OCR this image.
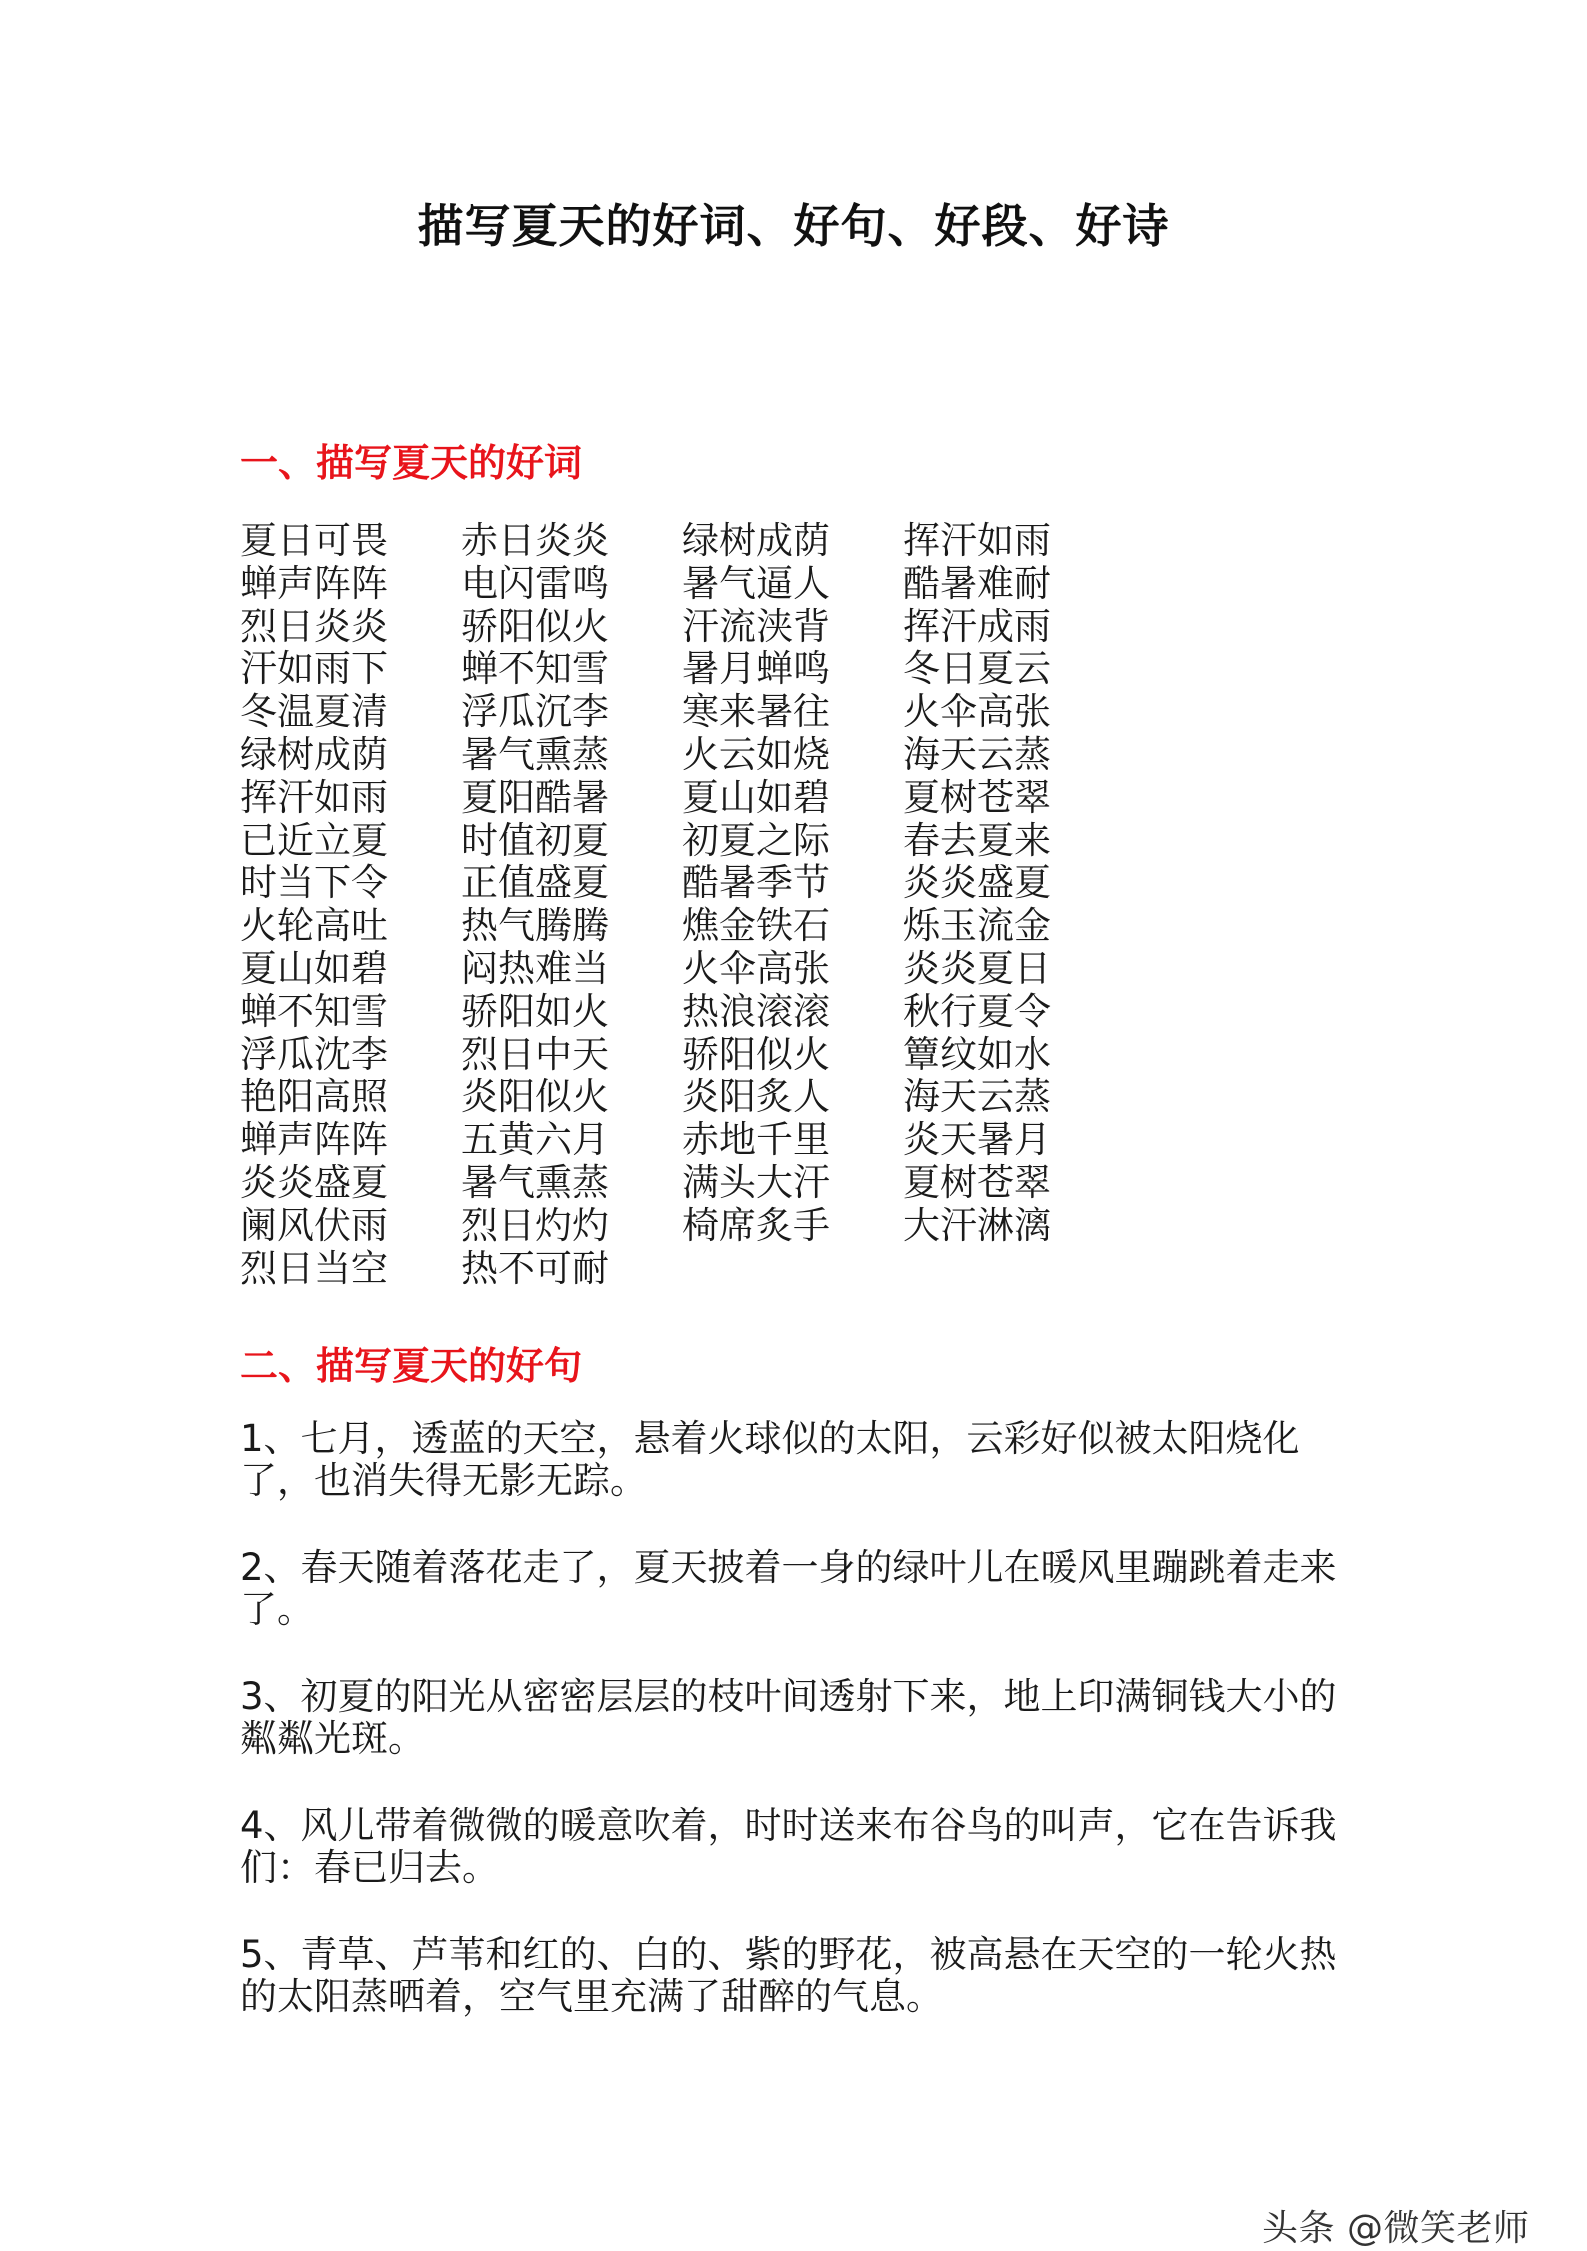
描写夏天的好词、好句、好段、好诗
一、描写夏天的好词
夏日可畏	赤日炎炎	绿树成荫	挥汗如雨
蝉声阵阵	电闪雷鸣	暑气逼人	酷暑难耐
烈日炎炎	骄阳似火	汗流浃背	挥汗成雨
汗如雨下	蝉不知雪	暑月蝉鸣	冬日夏云
冬温夏清	浮瓜沉李	寒来暑往	火伞高张
绿树成荫	暑气熏蒸	火云如烧	海天云蒸
挥汗如雨	夏阳酷暑	夏山如碧	夏树苍翠
已近立夏	时值初夏	初夏之际	春去夏来
时当下令	正值盛夏	酷暑季节	炎炎盛夏
火轮高吐	热气腾腾	燋金铁石	烁玉流金
夏山如碧	闷热难当	火伞高张	炎炎夏日
蝉不知雪	骄阳如火	热浪滚滚	秋行夏令
浮瓜沈李	烈日中天	骄阳似火	簟纹如水
艳阳高照	炎阳似火	炎阳炙人	海天云蒸
蝉声阵阵	五黄六月	赤地千里	炎天暑月
炎炎盛夏	暑气熏蒸	满头大汗	夏树苍翠
阑风伏雨	烈日灼灼	椅席炙手	大汗淋漓
烈日当空	热不可耐
二、描写夏天的好句

1、七月，透蓝的天空，悬着火球似的太阳，云彩好似被太阳烧化了，也消失得无影无踪。

2、春天随着落花走了，夏天披着一身的绿叶儿在暖风里蹦跳着走来了。

3、初夏的阳光从密密层层的枝叶间透射下来，地上印满铜钱大小的粼粼光斑。

4、风儿带着微微的暖意吹着，时时送来布谷鸟的叫声，它在告诉我们：春已归去。

5、青草、芦苇和红的、白的、紫的野花，被高悬在天空的一轮火热的太阳蒸晒着，空气里充满了甜醉的气息。

头条 @微笑老师
